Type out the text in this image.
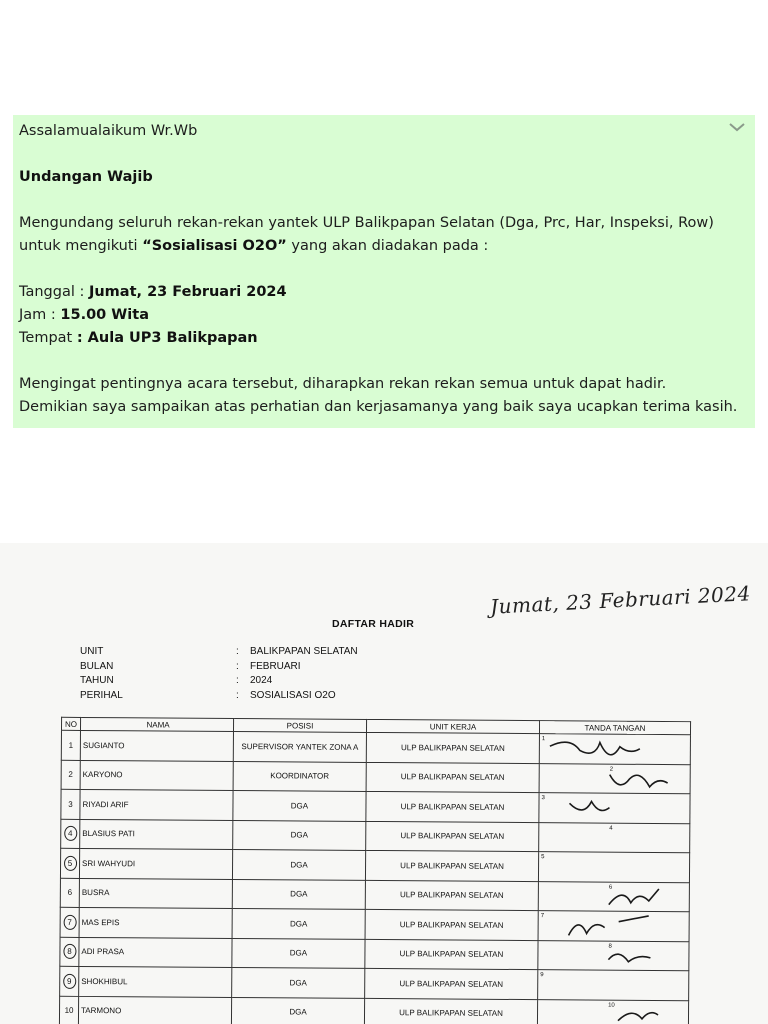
Assalamualaikum Wr.Wb

Undangan Wajib

Mengundang seluruh rekan-rekan yantek ULP Balikpapan Selatan (Dga, Prc, Har, Inspeksi, Row)

untuk mengikuti “Sosialisasi O2O” yang akan diadakan pada :

Tanggal : Jumat, 23 Februari 2024

Jam : 15.00 Wita

Tempat : Aula UP3 Balikpapan

Mengingat pentingnya acara tersebut, diharapkan rekan rekan semua untuk dapat hadir.

Demikian saya sampaikan atas perhatian dan kerjasamanya yang baik saya ucapkan terima kasih.

Jumat, 23 Februari 2024
DAFTAR HADIR
UNIT	:	BALIKPAPAN SELATAN
BULAN	:	FEBRUARI
TAHUN	:	2024
PERIHAL	:	SOSIALISASI O2O
NO	NAMA	POSISI	UNIT KERJA	TANDA TANGAN
1	SUGIANTO	SUPERVISOR YANTEK ZONA A	ULP BALIKPAPAN SELATAN	1

2	KARYONO	KOORDINATOR	ULP BALIKPAPAN SELATAN	2

3	RIYADI ARIF	DGA	ULP BALIKPAPAN SELATAN	3

4	BLASIUS PATI	DGA	ULP BALIKPAPAN SELATAN	4

5	SRI WAHYUDI	DGA	ULP BALIKPAPAN SELATAN	5

6	BUSRA	DGA	ULP BALIKPAPAN SELATAN	6

7	MAS EPIS	DGA	ULP BALIKPAPAN SELATAN	7

8	ADI PRASA	DGA	ULP BALIKPAPAN SELATAN	8

9	SHOKHIBUL	DGA	ULP BALIKPAPAN SELATAN	9

10	TARMONO	DGA	ULP BALIKPAPAN SELATAN	10
